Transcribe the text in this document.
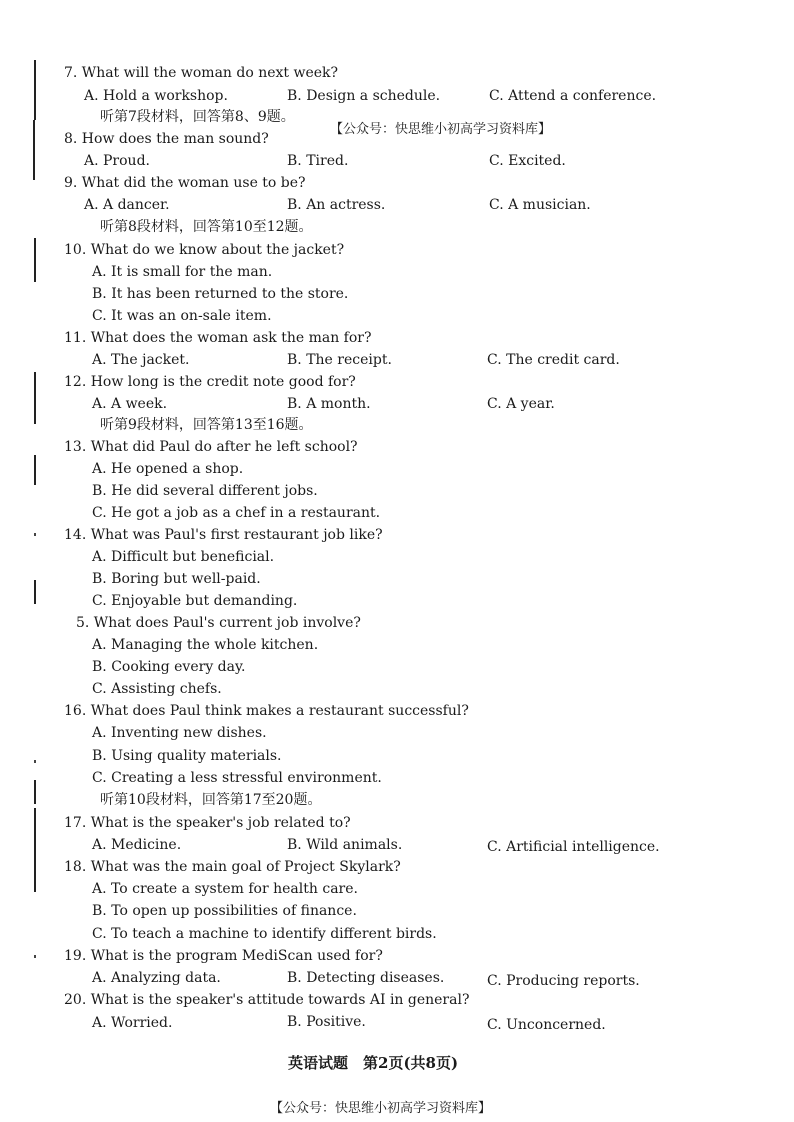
7. What will the woman do next week?
A. Hold a workshop.	B. Design a schedule.	C. Attend a conference.
听第7段材料，回答第8、9题。
8. How does the man sound?
A. Proud.	B. Tired.	C. Excited.
9. What did the woman use to be?
A. A dancer.	B. An actress.	C. A musician.
听第8段材料，回答第10至12题。
10. What do we know about the jacket?
A. It is small for the man.
B. It has been returned to the store.
C. It was an on-sale item.
11. What does the woman ask the man for?
A. The jacket.	B. The receipt.	C. The credit card.
12. How long is the credit note good for?
A. A week.	B. A month.	C. A year.
听第9段材料，回答第13至16题。
13. What did Paul do after he left school?
A. He opened a shop.
B. He did several different jobs.
C. He got a job as a chef in a restaurant.
14. What was Paul's first restaurant job like?
A. Difficult but beneficial.
B. Boring but well-paid.
C. Enjoyable but demanding.
5. What does Paul's current job involve?
A. Managing the whole kitchen.
B. Cooking every day.
C. Assisting chefs.
16. What does Paul think makes a restaurant successful?
A. Inventing new dishes.
B. Using quality materials.
C. Creating a less stressful environment.
听第10段材料，回答第17至20题。
17. What is the speaker's job related to?
A. Medicine.	B. Wild animals.	C. Artificial intelligence.
18. What was the main goal of Project Skylark?
A. To create a system for health care.
B. To open up possibilities of finance.
C. To teach a machine to identify different birds.
19. What is the program MediScan used for?
A. Analyzing data.	B. Detecting diseases.	C. Producing reports.
20. What is the speaker's attitude towards AI in general?
A. Worried.	B. Positive.	C. Unconcerned.
【公众号：快思维小初高学习资料库】
英语试题　第2页(共8页)
【公众号：快思维小初高学习资料库】
